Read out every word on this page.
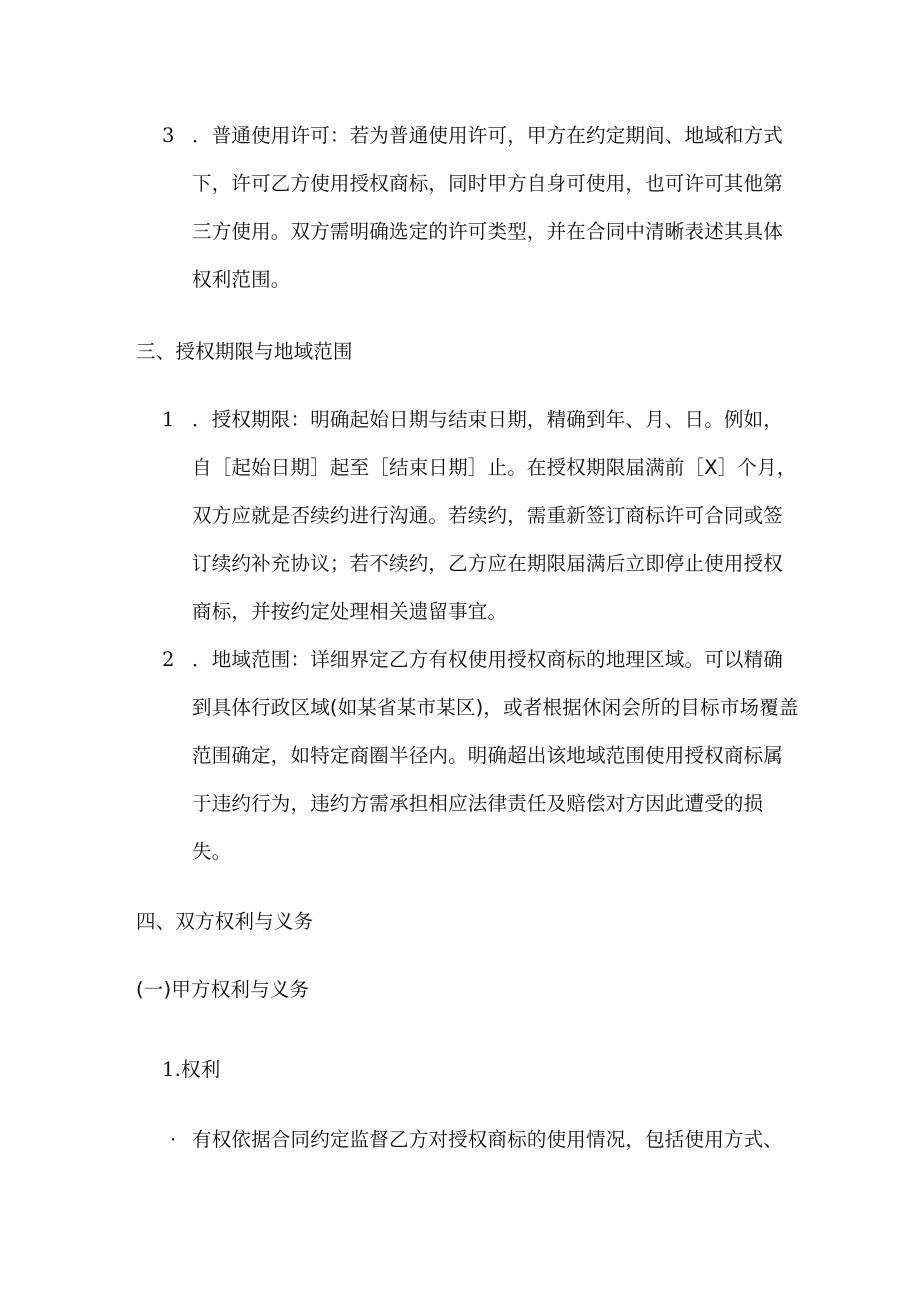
3 ．普通使用许可：若为普通使用许可，甲方在约定期间、地域和方式下，许可乙方使用授权商标，同时甲方自身可使用，也可许可其他第三方使用。双方需明确选定的许可类型，并在合同中清晰表述其具体权利范围。
三、授权期限与地域范围
1 ．授权期限：明确起始日期与结束日期，精确到年、月、日。例如，自［起始日期］起至［结束日期］止。在授权期限届满前［X］个月，双方应就是否续约进行沟通。若续约，需重新签订商标许可合同或签订续约补充协议；若不续约，乙方应在期限届满后立即停止使用授权商标，并按约定处理相关遗留事宜。
2 ．地域范围：详细界定乙方有权使用授权商标的地理区域。可以精确到具体行政区域(如某省某市某区)，或者根据休闲会所的目标市场覆盖范围确定，如特定商圈半径内。明确超出该地域范围使用授权商标属于违约行为，违约方需承担相应法律责任及赔偿对方因此遭受的损失。
四、双方权利与义务
(一)甲方权利与义务
1.权利
· 有权依据合同约定监督乙方对授权商标的使用情况，包括使用方式、
